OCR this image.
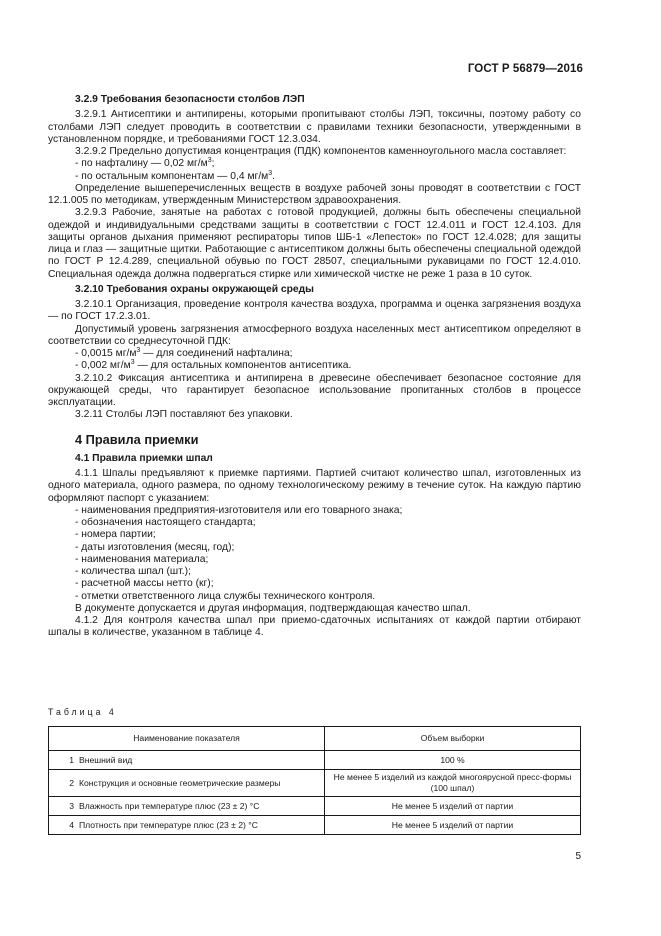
ГОСТ Р 56879—2016

3.2.9 Требования безопасности столбов ЛЭП

3.2.9.1 Антисептики и антипирены, которыми пропитывают столбы ЛЭП, токсичны, поэтому работу со столбами ЛЭП следует проводить в соответствии с правилами техники безопасности, утвержденными в установленном порядке, и требованиями ГОСТ 12.3.034.

3.2.9.2 Предельно допустимая концентрация (ПДК) компонентов каменноугольного масла составляет:

- по нафталину — 0,02 $мг/м^3$;

- по остальным компонентам — 0,4 $мг/м^3$.

Определение вышеперечисленных веществ в воздухе рабочей зоны проводят в соответствии с ГОСТ 12.1.005 по методикам, утвержденным Министерством здравоохранения.

3.2.9.3 Рабочие, занятые на работах с готовой продукцией, должны быть обеспечены специальной одеждой и индивидуальными средствами защиты в соответствии с ГОСТ 12.4.011 и ГОСТ 12.4.103. Для защиты органов дыхания применяют респираторы типов ШБ-1 «Лепесток» по ГОСТ 12.4.028; для защиты лица и глаз — защитные щитки. Работающие с антисептиком должны быть обеспечены специальной одеждой по ГОСТ Р 12.4.289, специальной обувью по ГОСТ 28507, специальными рукавицами по ГОСТ 12.4.010. Специальная одежда должна подвергаться стирке или химической чистке не реже 1 раза в 10 суток.

3.2.10 Требования охраны окружающей среды

3.2.10.1 Организация, проведение контроля качества воздуха, программа и оценка загрязнения воздуха — по ГОСТ 17.2.3.01.

Допустимый уровень загрязнения атмосферного воздуха населенных мест антисептиком определяют в соответствии со среднесуточной ПДК:

- 0,0015 $мг/м^3$ — для соединений нафталина;

- 0,002 $мг/м^3$ — для остальных компонентов антисептика.

3.2.10.2 Фиксация антисептика и антипирена в древесине обеспечивает безопасное состояние для окружающей среды, что гарантирует безопасное использование пропитанных столбов в процессе эксплуатации.

3.2.11 Столбы ЛЭП поставляют без упаковки.

4 Правила приемки

4.1 Правила приемки шпал

4.1.1 Шпалы предъявляют к приемке партиями. Партией считают количество шпал, изготовленных из одного материала, одного размера, по одному технологическому режиму в течение суток. На каждую партию оформляют паспорт с указанием:

- наименования предприятия-изготовителя или его товарного знака;

- обозначения настоящего стандарта;

- номера партии;

- даты изготовления (месяц, год);

- наименования материала;

- количества шпал (шт.);

- расчетной массы нетто (кг);

- отметки ответственного лица службы технического контроля.

В документе допускается и другая информация, подтверждающая качество шпал.

4.1.2 Для контроля качества шпал при приемо-сдаточных испытаниях от каждой партии отбирают шпалы в количестве, указанном в таблице 4.

Таблица 4
Наименование показателя	Объем выборки
1 Внешний вид	100 %
2 Конструкция и основные геометрические размеры	Не менее 5 изделий из каждой многоярусной пресс-формы (100 шпал)
3 Влажность при температуре плюс (23 ± 2) °С	Не менее 5 изделий от партии
4 Плотность при температуре плюс (23 ± 2) °С	Не менее 5 изделий от партии
5
